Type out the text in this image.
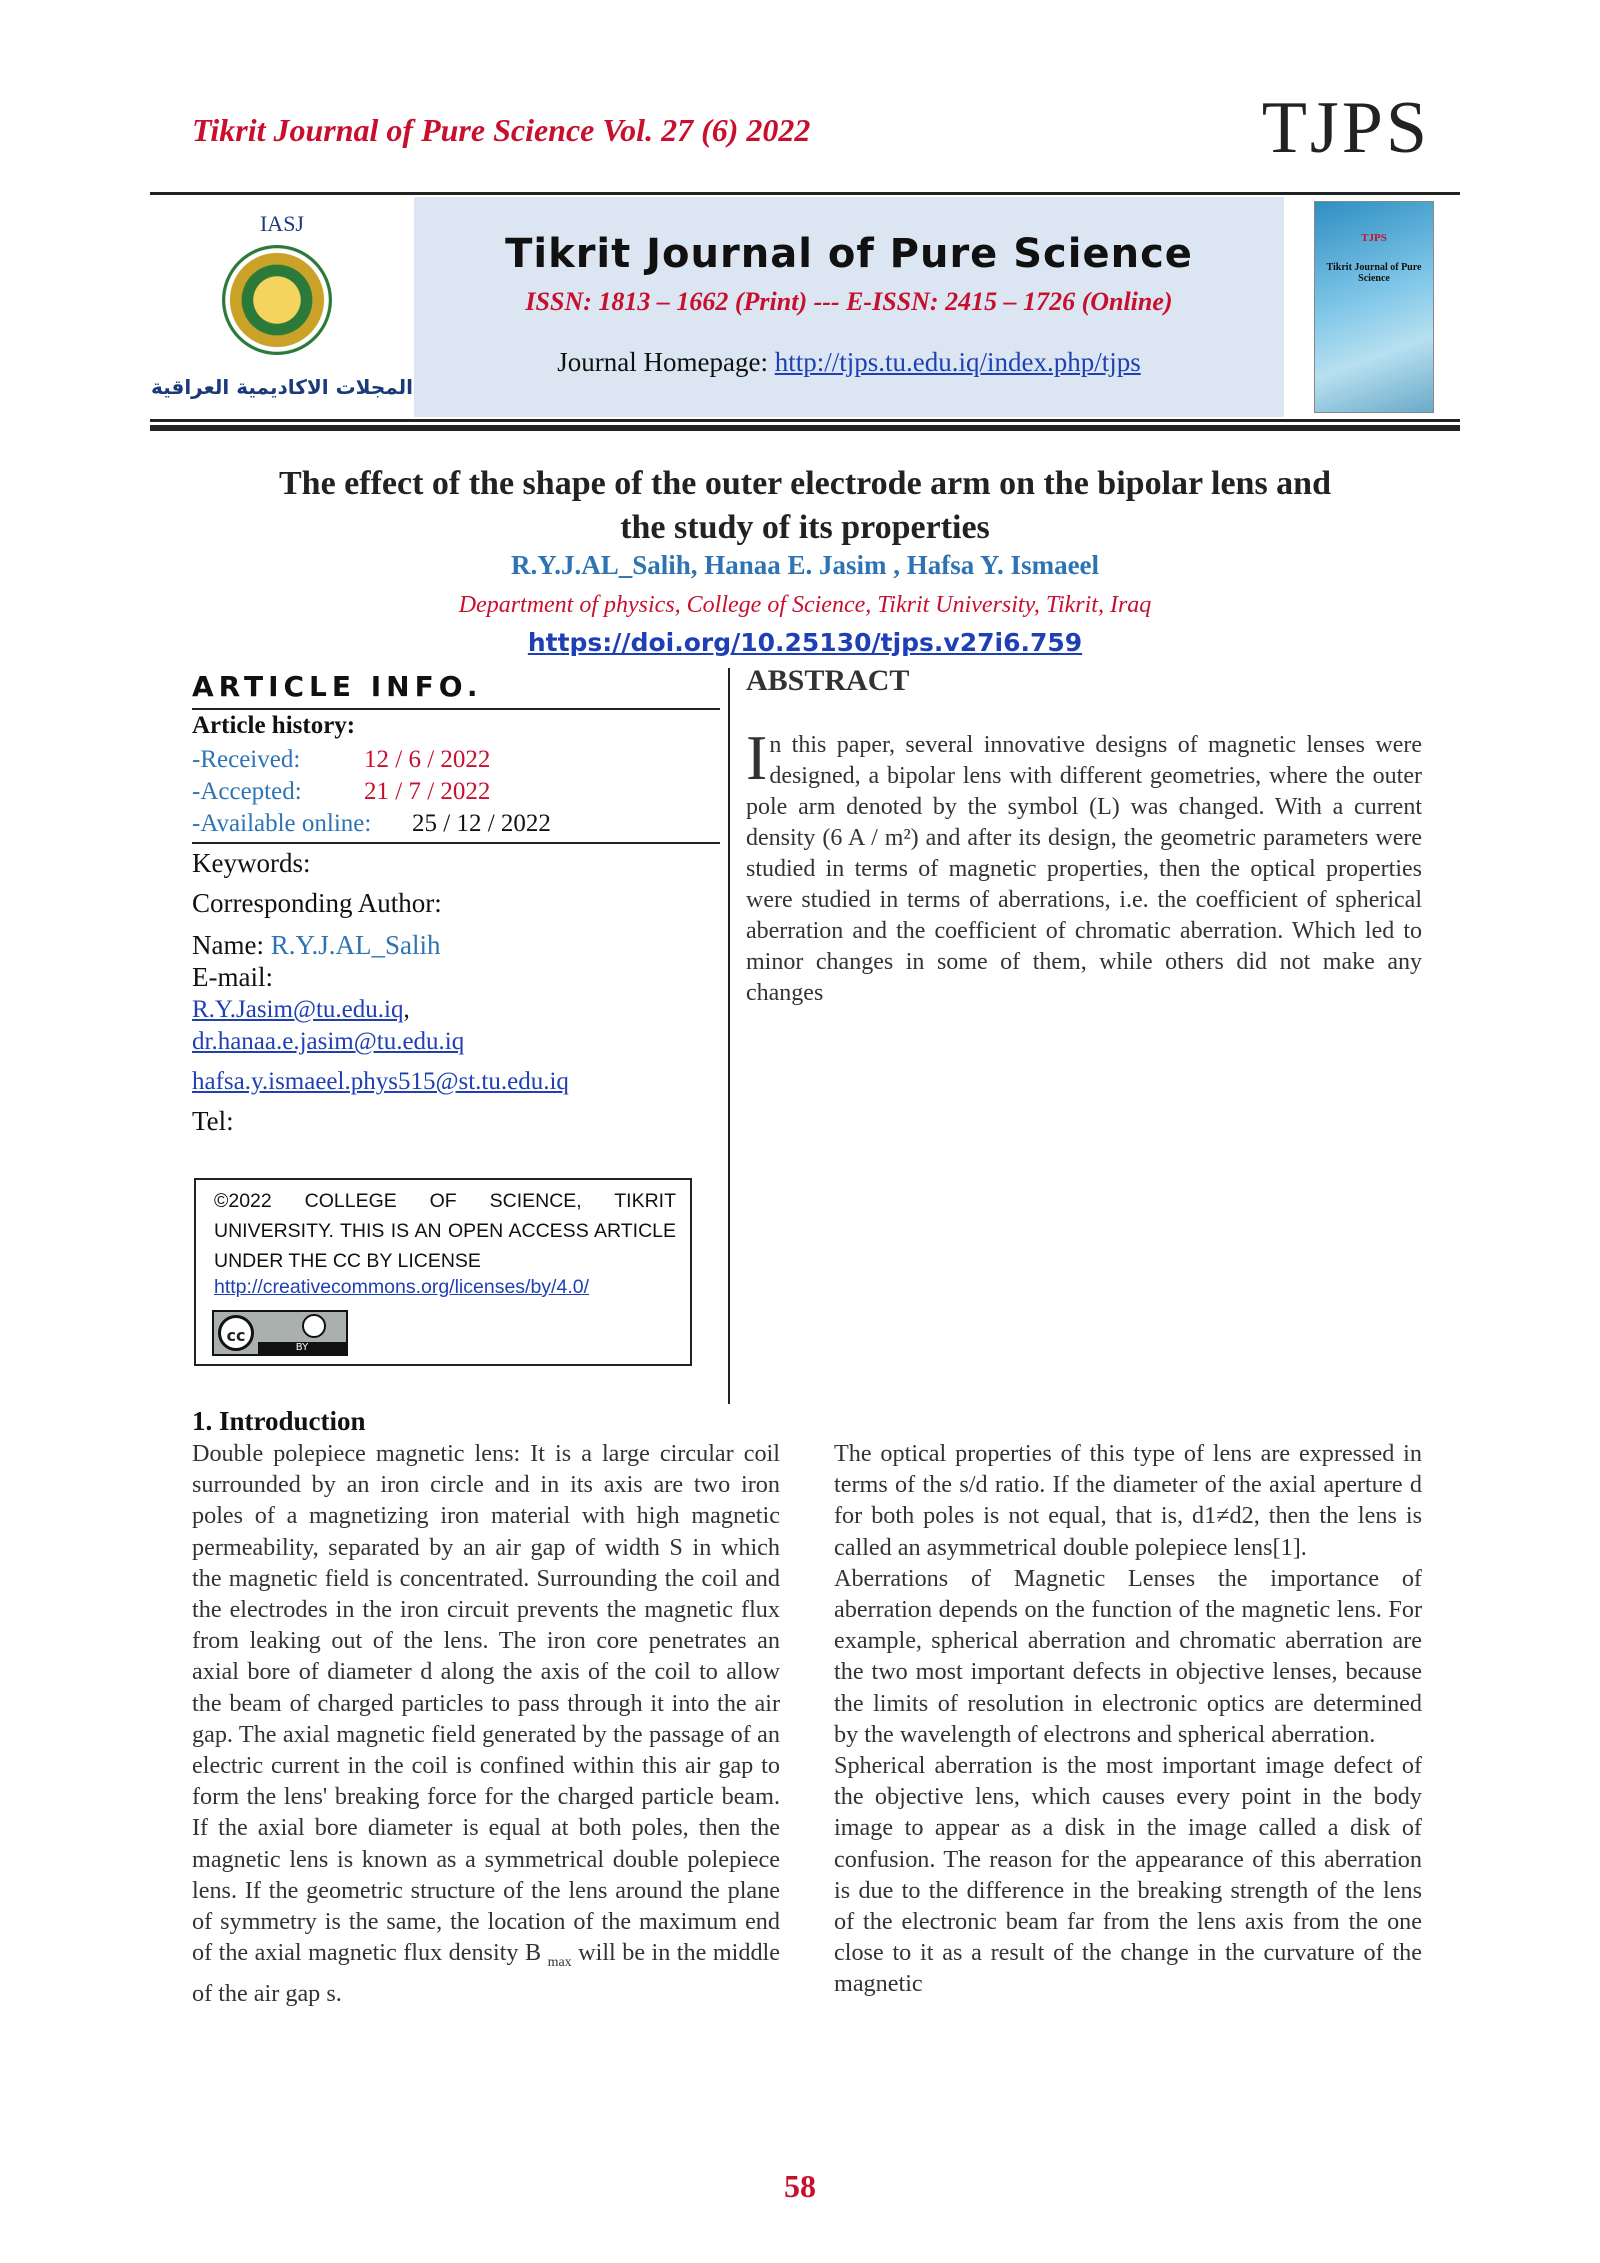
Tikrit Journal of Pure Science Vol. 27 (6) 2022	TJPS
IASJ
المجلات الاكاديمية العراقية
Tikrit Journal of Pure Science
ISSN: 1813 – 1662 (Print) --- E-ISSN: 2415 – 1726 (Online)
Journal Homepage: http://tjps.tu.edu.iq/index.php/tjps
TJPS
Tikrit Journal of Pure Science
The effect of the shape of the outer electrode arm on the bipolar lens and
the study of its properties
R.Y.J.AL_Salih, Hanaa E. Jasim , Hafsa Y. Ismaeel
Department of physics, College of Science, Tikrit University, Tikrit, Iraq
https://doi.org/10.25130/tjps.v27i6.759
ARTICLE INFO.
Article history:
-Received:	12 / 6 / 2022
-Accepted: 21 / 7 / 2022
-Available online: 25 / 12 / 2022
Keywords:
Corresponding Author:
Name: R.Y.J.AL_Salih
E-mail:
R.Y.Jasim@tu.edu.iq,
dr.hanaa.e.jasim@tu.edu.iq
hafsa.y.ismaeel.phys515@st.tu.edu.iq
Tel:
©2022 COLLEGE OF SCIENCE, TIKRIT UNIVERSITY. THIS IS AN OPEN ACCESS ARTICLE UNDER THE CC BY LICENSE
http://creativecommons.org/licenses/by/4.0/
cc
BY
ABSTRACT
In this paper, several innovative designs of magnetic lenses were designed, a bipolar lens with different geometries, where the outer pole arm denoted by the symbol (L) was changed. With a current density (6 A / m²) and after its design, the geometric parameters were studied in terms of magnetic properties, then the optical properties were studied in terms of aberrations, i.e. the coefficient of spherical aberration and the coefficient of chromatic aberration. Which led to minor changes in some of them, while others did not make any changes
1. Introduction

Double polepiece magnetic lens: It is a large circular coil surrounded by an iron circle and in its axis are two iron poles of a magnetizing iron material with high magnetic permeability, separated by an air gap of width S in which the magnetic field is concentrated. Surrounding the coil and the electrodes in the iron circuit prevents the magnetic flux from leaking out of the lens. The iron core penetrates an axial bore of diameter d along the axis of the coil to allow the beam of charged particles to pass through it into the air gap. The axial magnetic field generated by the passage of an electric current in the coil is confined within this air gap to form the lens' breaking force for the charged particle beam. If the axial bore diameter is equal at both poles, then the magnetic lens is known as a symmetrical double polepiece lens. If the geometric structure of the lens around the plane of symmetry is the same, the location of the maximum end of the axial magnetic flux density B $_{max}$ will be in the middle of the air gap s.

The optical properties of this type of lens are expressed in terms of the s/d ratio. If the diameter of the axial aperture d for both poles is not equal, that is, d1≠d2, then the lens is called an asymmetrical double polepiece lens[1].

Aberrations of Magnetic Lenses the importance of aberration depends on the function of the magnetic lens. For example, spherical aberration and chromatic aberration are the two most important defects in objective lenses, because the limits of resolution in electronic optics are determined by the wavelength of electrons and spherical aberration.

Spherical aberration is the most important image defect of the objective lens, which causes every point in the body image to appear as a disk in the image called a disk of confusion. The reason for the appearance of this aberration is due to the difference in the breaking strength of the lens of the electronic beam far from the lens axis from the one close to it as a result of the change in the curvature of the magnetic

58
